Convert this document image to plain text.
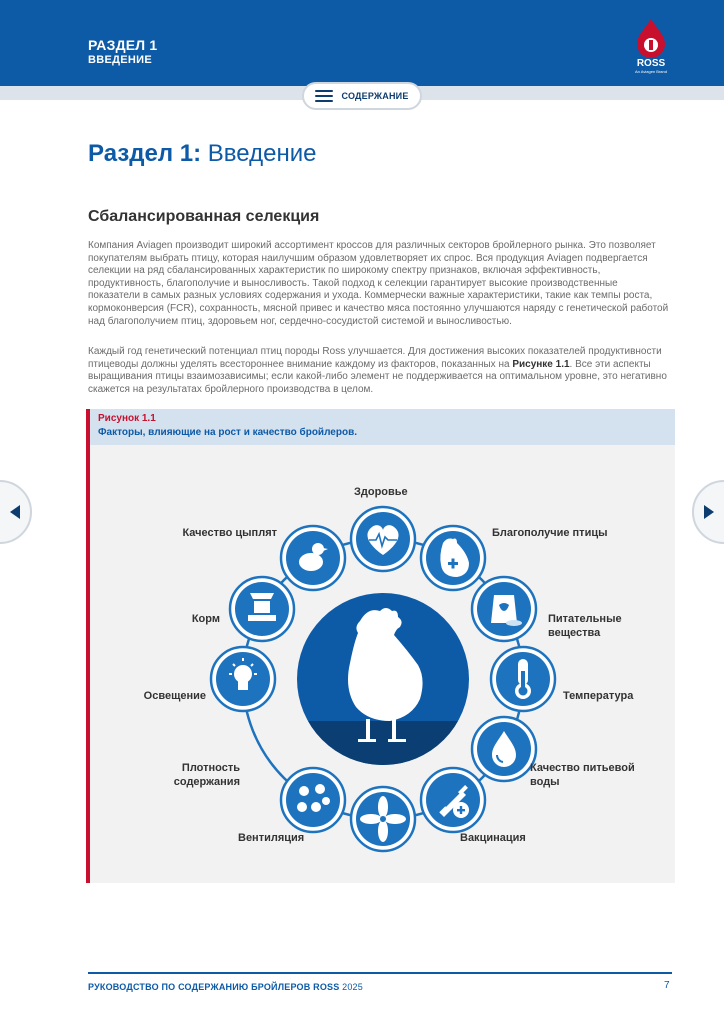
РАЗДЕЛ 1
ВВЕДЕНИЕ	ROSS
An Aviagen Brand
СОДЕРЖАНИЕ
Раздел 1: Введение
Сбалансированная селекция
Компания Aviagen производит широкий ассортимент кроссов для различных секторов бройлерного рынка. Это позволяет покупателям выбрать птицу, которая наилучшим образом удовлетворяет их спрос. Вся продукция Aviagen подвергается селекции на ряд сбалансированных характеристик по широкому спектру признаков, включая эффективность, продуктивность, благополучие и выносливость. Такой подход к селекции гарантирует высокие производственные показатели в самых разных условиях содержания и ухода. Коммерчески важные характеристики, такие как темпы роста, кормоконверсия (FCR), сохранность, мясной привес и качество мяса постоянно улучшаются наряду с генетической работой над благополучием птиц, здоровьем ног, сердечно-сосудистой системой и выносливостью.
Каждый год генетический потенциал птиц породы Ross улучшается. Для достижения высоких показателей продуктивности птицеводы должны уделять всестороннее внимание каждому из факторов, показанных на Рисунке 1.1. Все эти аспекты выращивания птицы взаимозависимы; если какой-либо элемент не поддерживается на оптимальном уровне, это негативно скажется на результатах бройлерного производства в целом.
Рисунок 1.1
Факторы, влияющие на рост и качество бройлеров.
Здоровье
Благополучие птицы
Питательные
вещества
Температура
Качество питьевой
воды
Вакцинация
Вентиляция
Плотность
содержания
Освещение
Корм
Качество цыплят
РУКОВОДСТВО ПО СОДЕРЖАНИЮ БРОЙЛЕРОВ ROSS 2025	7
